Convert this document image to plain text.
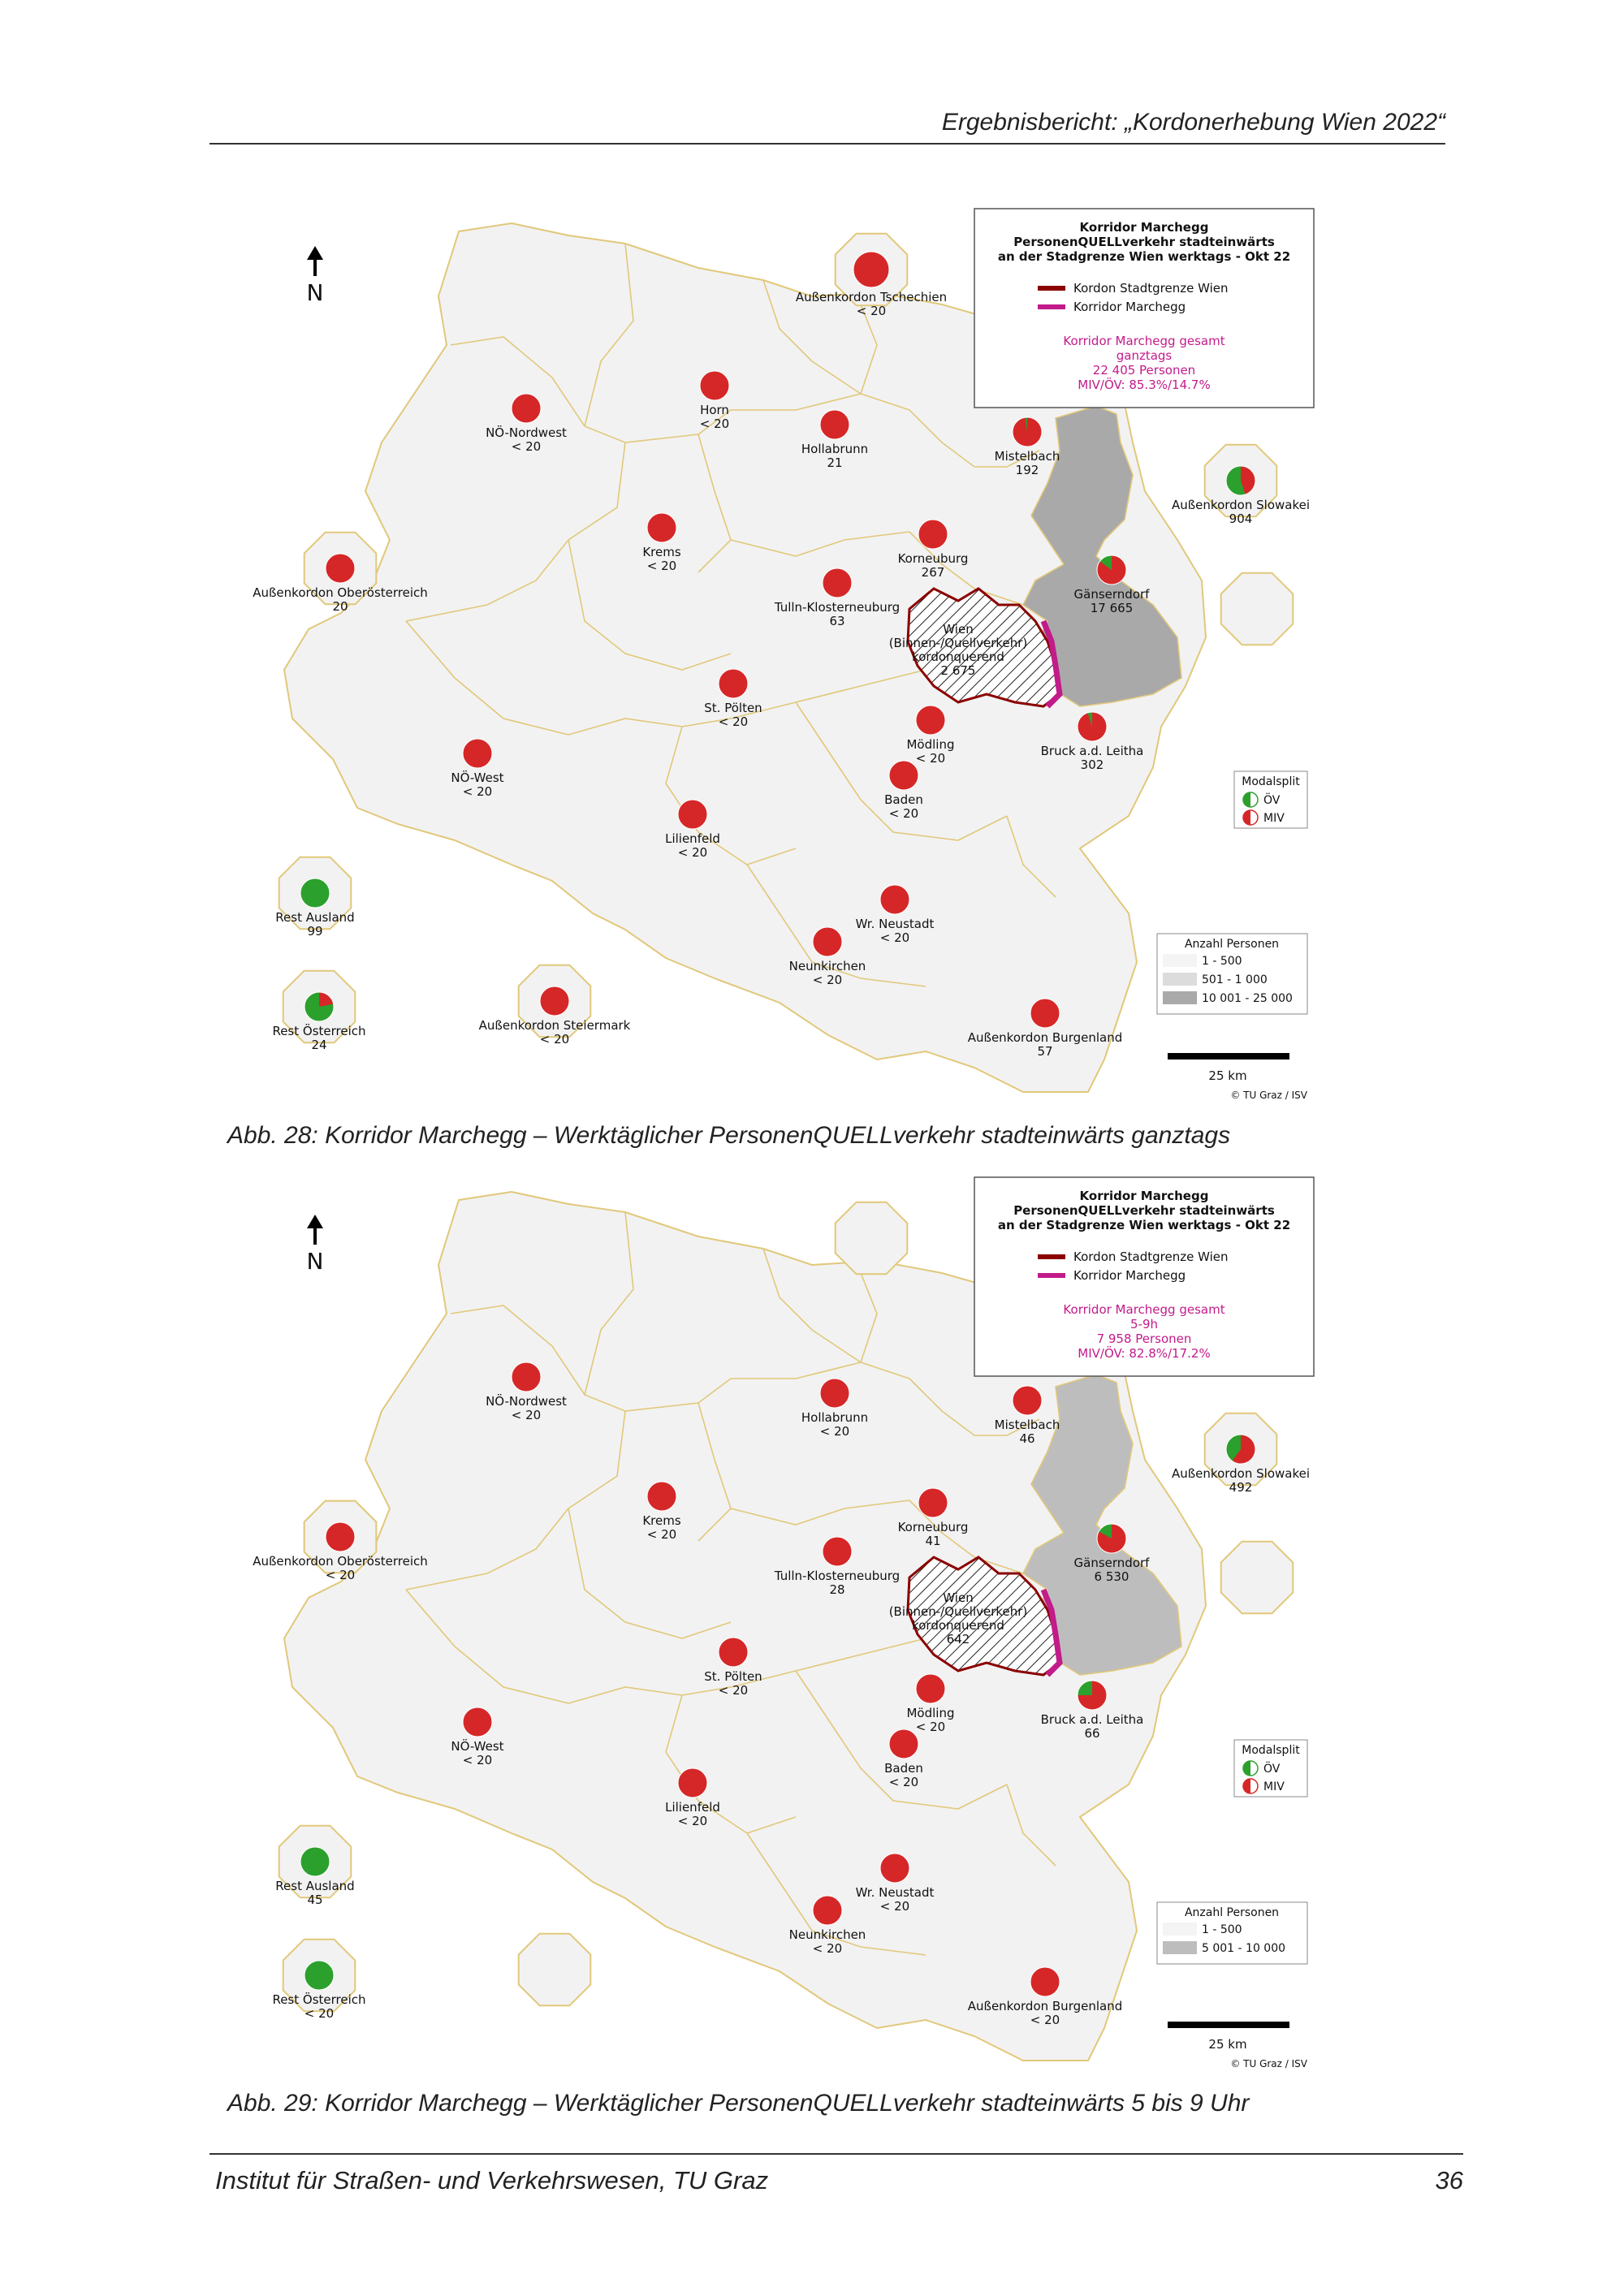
Ergebnisbericht: „Kordonerhebung Wien 2022“
Wien
(Binnen-/Quellverkehr)
kordonquerend
2 675
Außenkordon Tschechien
< 20
Horn
< 20
NÖ-Nordwest
< 20	Hollabrunn
21	Mistelbach
192
Außenkordon Slowakei
904
Krems
< 20	Korneuburg
267
Außenkordon Oberösterreich
20	Tulln-Klosterneuburg
63
Gänserndorf
17 665
St. Pölten
< 20
Mödling
< 20	Bruck a.d. Leitha
302
NÖ-West
< 20
Baden
< 20
Lilienfeld
< 20
Rest Ausland
99	Wr. Neustadt
< 20
Neunkirchen
< 20
Rest Österreich
24
Außenkordon Steiermark
< 20	Außenkordon Burgenland
57
N
Korridor Marchegg
PersonenQUELLverkehr stadteinwärts
an der Stadgrenze Wien werktags - Okt 22
Kordon Stadtgrenze Wien
Korridor Marchegg
Korridor Marchegg gesamt
ganztags
22 405 Personen
MIV/ÖV: 85.3%/14.7%
Modalsplit
ÖV
MIV
Anzahl Personen
1 - 500
501 - 1 000
10 001 - 25 000
25 km
© TU Graz / ISV
Abb. 28: Korridor Marchegg – Werktäglicher PersonenQUELLverkehr stadteinwärts ganztags
Wien
(Binnen-/Quellverkehr)
kordonquerend
642
NÖ-Nordwest
< 20	Hollabrunn
< 20	Mistelbach
46
Außenkordon Slowakei
492
Krems
< 20	Korneuburg
41
Außenkordon Oberösterreich
< 20	Tulln-Klosterneuburg
28
Gänserndorf
6 530
St. Pölten
< 20
Mödling
< 20	Bruck a.d. Leitha
66
NÖ-West
< 20
Baden
< 20
Lilienfeld
< 20
Rest Ausland
45	Wr. Neustadt
< 20
Neunkirchen
< 20
Rest Österreich
< 20	Außenkordon Burgenland
< 20
N
Korridor Marchegg
PersonenQUELLverkehr stadteinwärts
an der Stadgrenze Wien werktags - Okt 22
Kordon Stadtgrenze Wien
Korridor Marchegg
Korridor Marchegg gesamt
5-9h
7 958 Personen
MIV/ÖV: 82.8%/17.2%
Modalsplit
ÖV
MIV
Anzahl Personen
1 - 500
5 001 - 10 000
25 km
© TU Graz / ISV
Abb. 29: Korridor Marchegg – Werktäglicher PersonenQUELLverkehr stadteinwärts 5 bis 9 Uhr
Institut für Straßen- und Verkehrswesen, TU Graz	36
